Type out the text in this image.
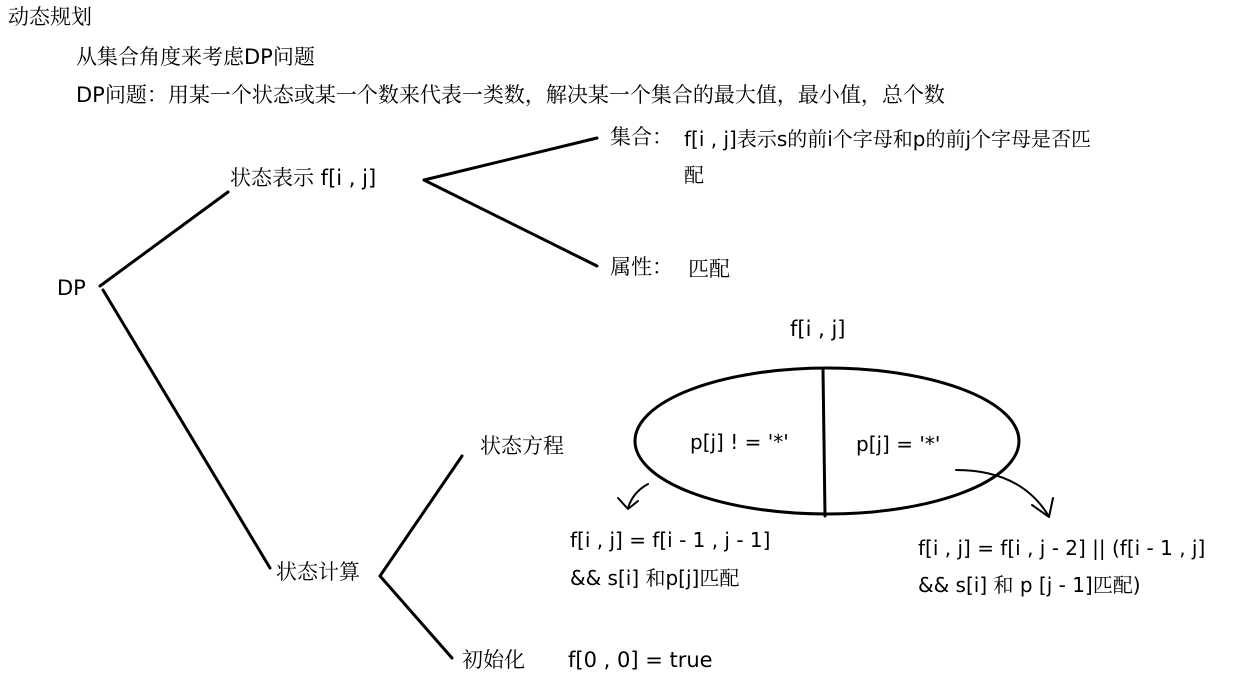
动态规划
从集合角度来考虑DP问题
DP问题：用某一个状态或某一个数来代表一类数，解决某一个集合的最大值，最小值，总个数
DP
状态表示 f[i , j]
集合： f[i , j]表示s的前i个字母和p的前j个字母是否匹
配
属性： 匹配
f[i , j]
p[j] ! = '*'	p[j] = '*'
状态方程
状态计算
初始化 f[0 , 0] = true
f[i , j] = f[i - 1 , j - 1]
&& s[i] 和p[j]匹配
f[i , j] = f[i , j - 2] || (f[i - 1 , j]
&& s[i] 和 p [j - 1]匹配)
